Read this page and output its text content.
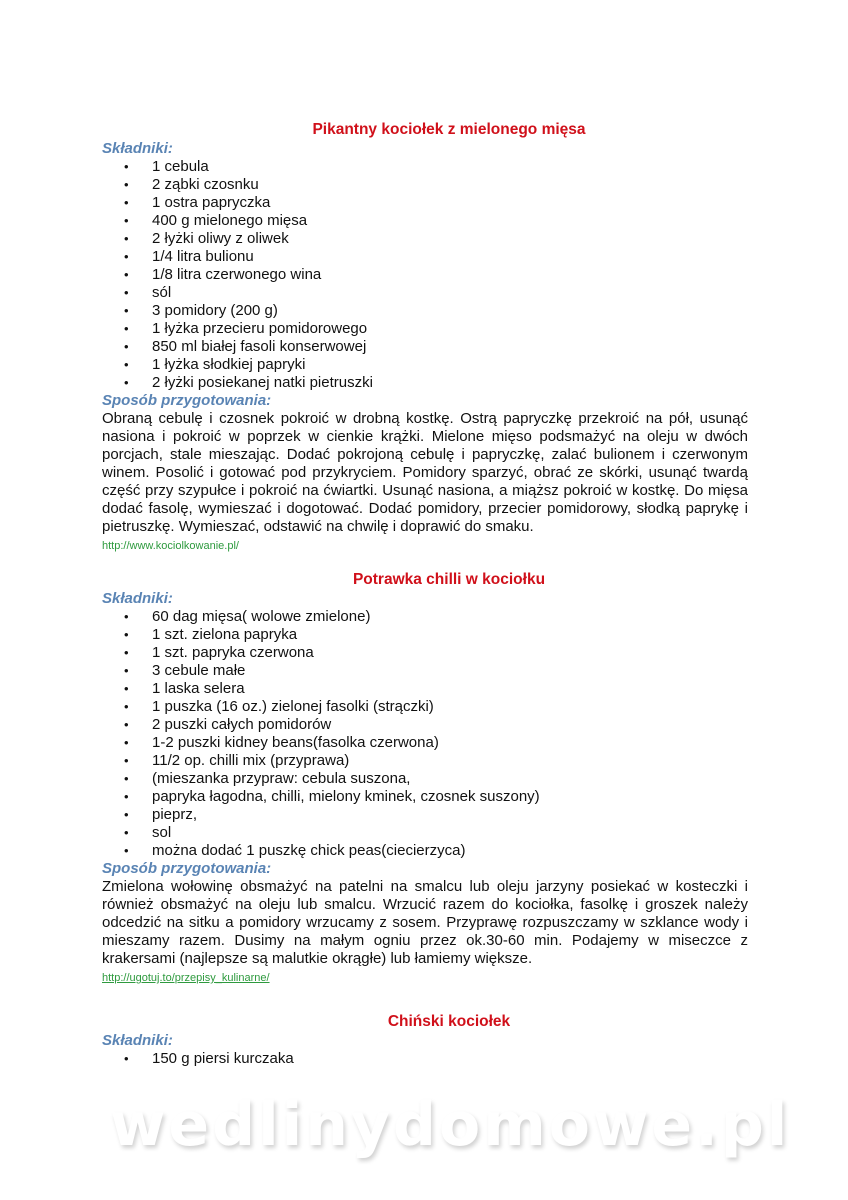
Pikantny kociołek z mielonego mięsa

Składniki:

• 1 cebula
• 2 ząbki czosnku
• 1 ostra papryczka
• 400 g mielonego mięsa
• 2 łyżki oliwy z oliwek
• 1/4 litra bulionu
• 1/8 litra czerwonego wina
• sól
• 3 pomidory (200 g)
• 1 łyżka przecieru pomidorowego
• 850 ml białej fasoli konserwowej
• 1 łyżka słodkiej papryki
• 2 łyżki posiekanej natki pietruszki

Sposób przygotowania:

Obraną cebulę i czosnek pokroić w drobną kostkę. Ostrą papryczkę przekroić na pół, usunąć nasiona i pokroić w poprzek w cienkie krążki. Mielone mięso podsmażyć na oleju w dwóch porcjach, stale mieszając. Dodać pokrojoną cebulę i papryczkę, zalać bulionem i czerwonym winem. Posolić i gotować pod przykryciem. Pomidory sparzyć, obrać ze skórki, usunąć twardą część przy szypułce i pokroić na ćwiartki. Usunąć nasiona, a miąższ pokroić w kostkę. Do mięsa dodać fasolę, wymieszać i dogotować. Dodać pomidory, przecier pomidorowy, słodką paprykę i pietruszkę. Wymieszać, odstawić na chwilę i doprawić do smaku.

http://www.kociolkowanie.pl/
Potrawka chilli w kociołku

Składniki:

• 60 dag mięsa( wolowe zmielone)
• 1 szt. zielona papryka
• 1 szt. papryka czerwona
• 3 cebule małe
• 1 laska selera
• 1 puszka (16 oz.) zielonej fasolki (strączki)
• 2 puszki całych pomidorów
• 1-2 puszki kidney beans(fasolka czerwona)
• 11/2 op. chilli mix (przyprawa)
• (mieszanka przypraw: cebula suszona,
• papryka łagodna, chilli, mielony kminek, czosnek suszony)
• pieprz,
• sol
• można dodać 1 puszkę chick peas(ciecierzyca)

Sposób przygotowania:

Zmielona wołowinę obsmażyć na patelni na smalcu lub oleju jarzyny posiekać w kosteczki i również obsmażyć na oleju lub smalcu. Wrzucić razem do kociołka, fasolkę i groszek należy odcedzić na sitku a pomidory wrzucamy z sosem. Przyprawę rozpuszczamy w szklance wody i mieszamy razem. Dusimy na małym ogniu przez ok.30-60 min. Podajemy w miseczce z krakersami (najlepsze są malutkie okrągłe) lub łamiemy większe.

http://ugotuj.to/przepisy_kulinarne/
Chiński kociołek

Składniki:

• 150 g piersi kurczaka
wedlinydomowe.pl
